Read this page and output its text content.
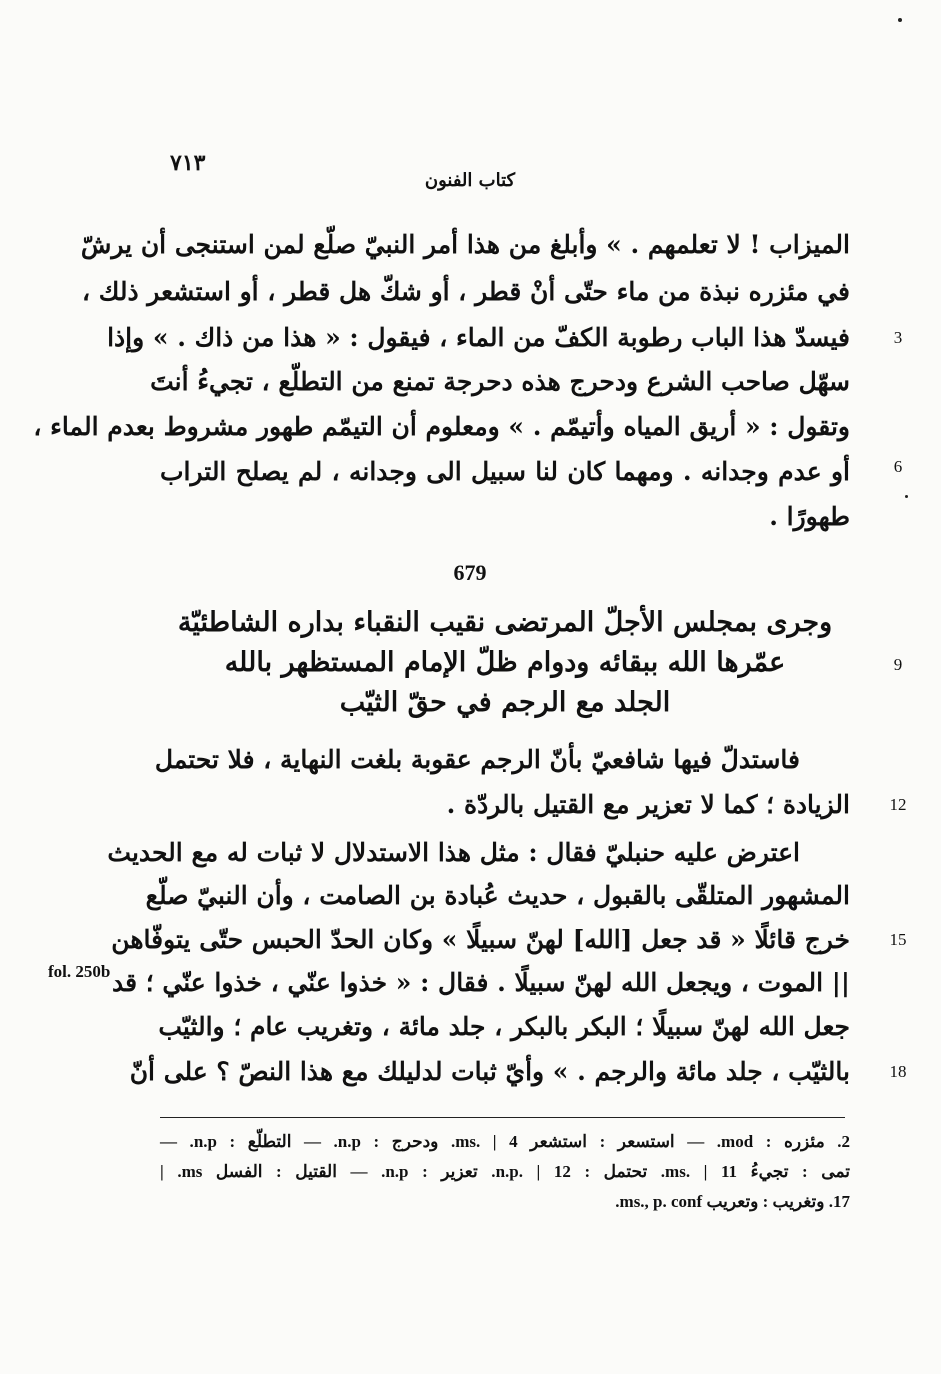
٧١٣
كتاب الفنون
الميزاب ! لا تعلمهم . » وأبلغ من هذا أمر النبيّ صلّع لمن استنجى أن يرشّ
في مئزره نبذة من ماء حتّى أنْ قطر ، أو شكّ هل قطر ، أو استشعر ذلك ،
فيسدّ هذا الباب رطوبة الكفّ من الماء ، فيقول : « هذا من ذاك . » وإذا	3
سهّل صاحب الشرع ودحرج هذه دحرجة تمنع من التطلّع ، تجيءُ أنتَ
وتقول : « أريق المياه وأتيمّم . » ومعلوم أن التيمّم طهور مشروط بعدم الماء ،
أو عدم وجدانه . ومهما كان لنا سبيل الى وجدانه ، لم يصلح التراب	6
طهورًا .
679
وجرى بمجلس الأجلّ المرتضى نقيب النقباء بداره الشاطئيّة
عمّرها الله ببقائه ودوام ظلّ الإمام المستظهر بالله	9
الجلد مع الرجم في حقّ الثيّب
فاستدلّ فيها شافعيّ بأنّ الرجم عقوبة بلغت النهاية ، فلا تحتمل
الزيادة ؛ كما لا تعزير مع القتيل بالردّة .	12
اعترض عليه حنبليّ فقال : مثل هذا الاستدلال لا ثبات له مع الحديث
المشهور المتلقّى بالقبول ، حديث عُبادة بن الصامت ، وأن النبيّ صلّع
خرج قائلًا « قد جعل [الله] لهنّ سبيلًا » وكان الحدّ الحبس حتّى يتوفّاهن	15
|| الموت ، ويجعل الله لهنّ سبيلًا . فقال : « خذوا عنّي ، خذوا عنّي ؛ قد
جعل الله لهنّ سبيلًا ؛ البكر بالبكر ، جلد مائة ، وتغريب عام ؛ والثيّب
بالثيّب ، جلد مائة والرجم . » وأيّ ثبات لدليلك مع هذا النصّ ؟ على أنّ	18
fol. 250b
2. مئزره : mod. — استسعر : استشعر ms. | 4. ودحرج : n.p. — التطلّع : n.p. —
تمى : تجيءُ ms. | 11. تحتمل : n.p. | 12. تعزير : n.p. — القتيل : الفسل ms. |
17. وتغريب : وتعريب ms., p. conf.
